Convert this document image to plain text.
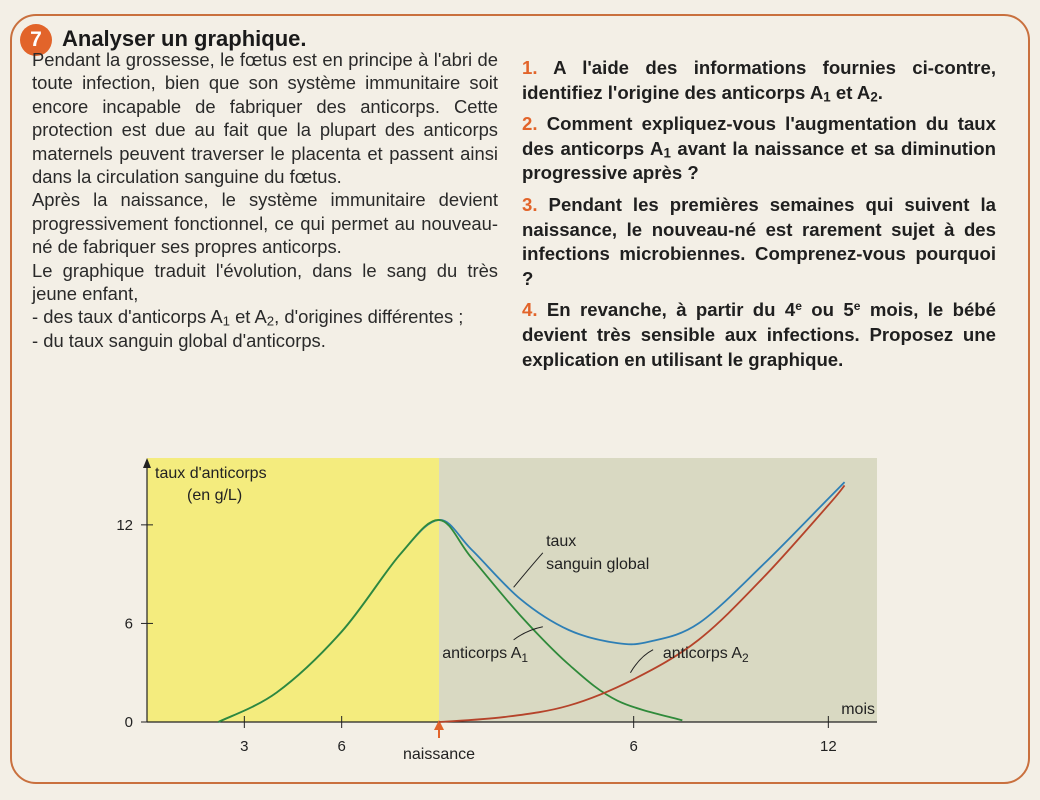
7 Analyser un graphique.

Pendant la grossesse, le fœtus est en principe à l'abri de toute infection, bien que son système immunitaire soit encore incapable de fabriquer des anticorps. Cette protection est due au fait que la plupart des anticorps maternels peuvent traverser le placenta et passent ainsi dans la circulation sanguine du fœtus.

Après la naissance, le système immunitaire devient progressivement fonctionnel, ce qui permet au nouveau-né de fabriquer ses propres anticorps.

Le graphique traduit l'évolution, dans le sang du très jeune enfant,

- des taux d'anticorps $A_1$ et $A_2$, d'origines différentes ;

- du taux sanguin global d'anticorps.

1. A l'aide des informations fournies ci-contre, identifiez l'origine des anticorps $A_1$ et $A_2$.

2. Comment expliquez-vous l'augmentation du taux des anticorps $A_1$ avant la naissance et sa diminution progressive après ?

3. Pendant les premières semaines qui suivent la naissance, le nouveau-né est rarement sujet à des infections microbiennes. Comprenez-vous pourquoi ?

4. En revanche, à partir du 4e ou 5e mois, le bébé devient très sensible aux infections. Proposez une explication en utilisant le graphique.

0
6
12
3	6	naissance	6	12
taux d'anticorps
(en g/L)
mois
taux
sanguin global
anticorps $A_1$	anticorps $A_2$
